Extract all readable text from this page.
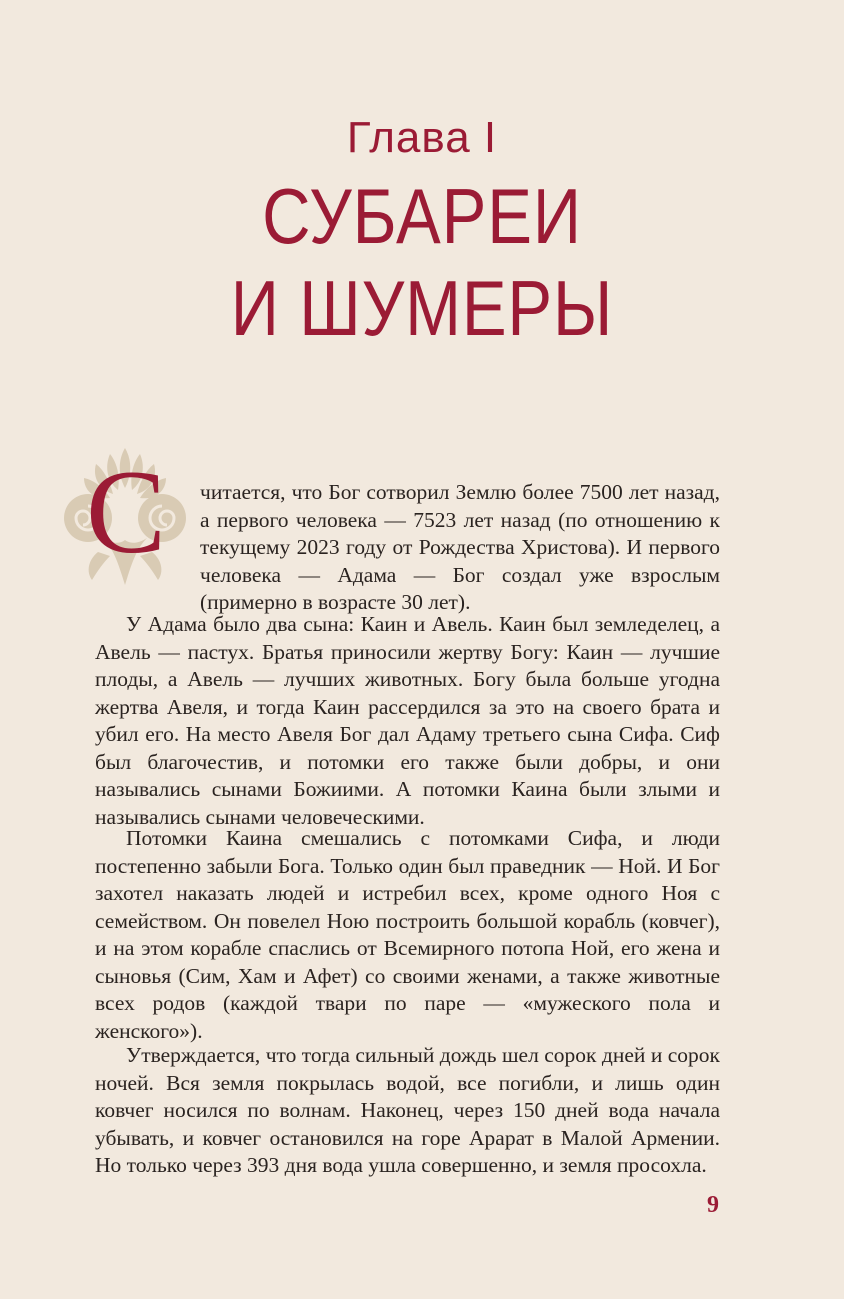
Глава I
СУБАРЕИ
И ШУМЕРЫ
С читается, что Бог сотворил Землю более 7500 лет назад, а первого человека — 7523 лет назад (по отношению к текущему 2023 году от Рождества Христова). И первого человека — Адама — Бог создал уже взрослым (примерно в возрасте 30 лет).
У Адама было два сына: Каин и Авель. Каин был земледелец, а Авель — пастух. Братья приносили жертву Богу: Каин — лучшие плоды, а Авель — лучших животных. Богу была больше угодна жертва Авеля, и тогда Каин рассердился за это на своего брата и убил его. На место Авеля Бог дал Адаму третьего сына Сифа. Сиф был благочестив, и потомки его также были добры, и они назывались сынами Божиими. А потомки Каина были злыми и назывались сынами человеческими.
Потомки Каина смешались с потомками Сифа, и люди постепенно забыли Бога. Только один был праведник — Ной. И Бог захотел наказать людей и истребил всех, кроме одного Ноя с семейством. Он повелел Ною построить большой корабль (ковчег), и на этом корабле спаслись от Всемирного потопа Ной, его жена и сыновья (Сим, Хам и Афет) со своими женами, а также животные всех родов (каждой твари по паре — «мужеского пола и женского»).
Утверждается, что тогда сильный дождь шел сорок дней и сорок ночей. Вся земля покрылась водой, все погибли, и лишь один ковчег носился по волнам. Наконец, через 150 дней вода начала убывать, и ковчег остановился на горе Арарат в Малой Армении. Но только через 393 дня вода ушла совершенно, и земля просохла.
9
